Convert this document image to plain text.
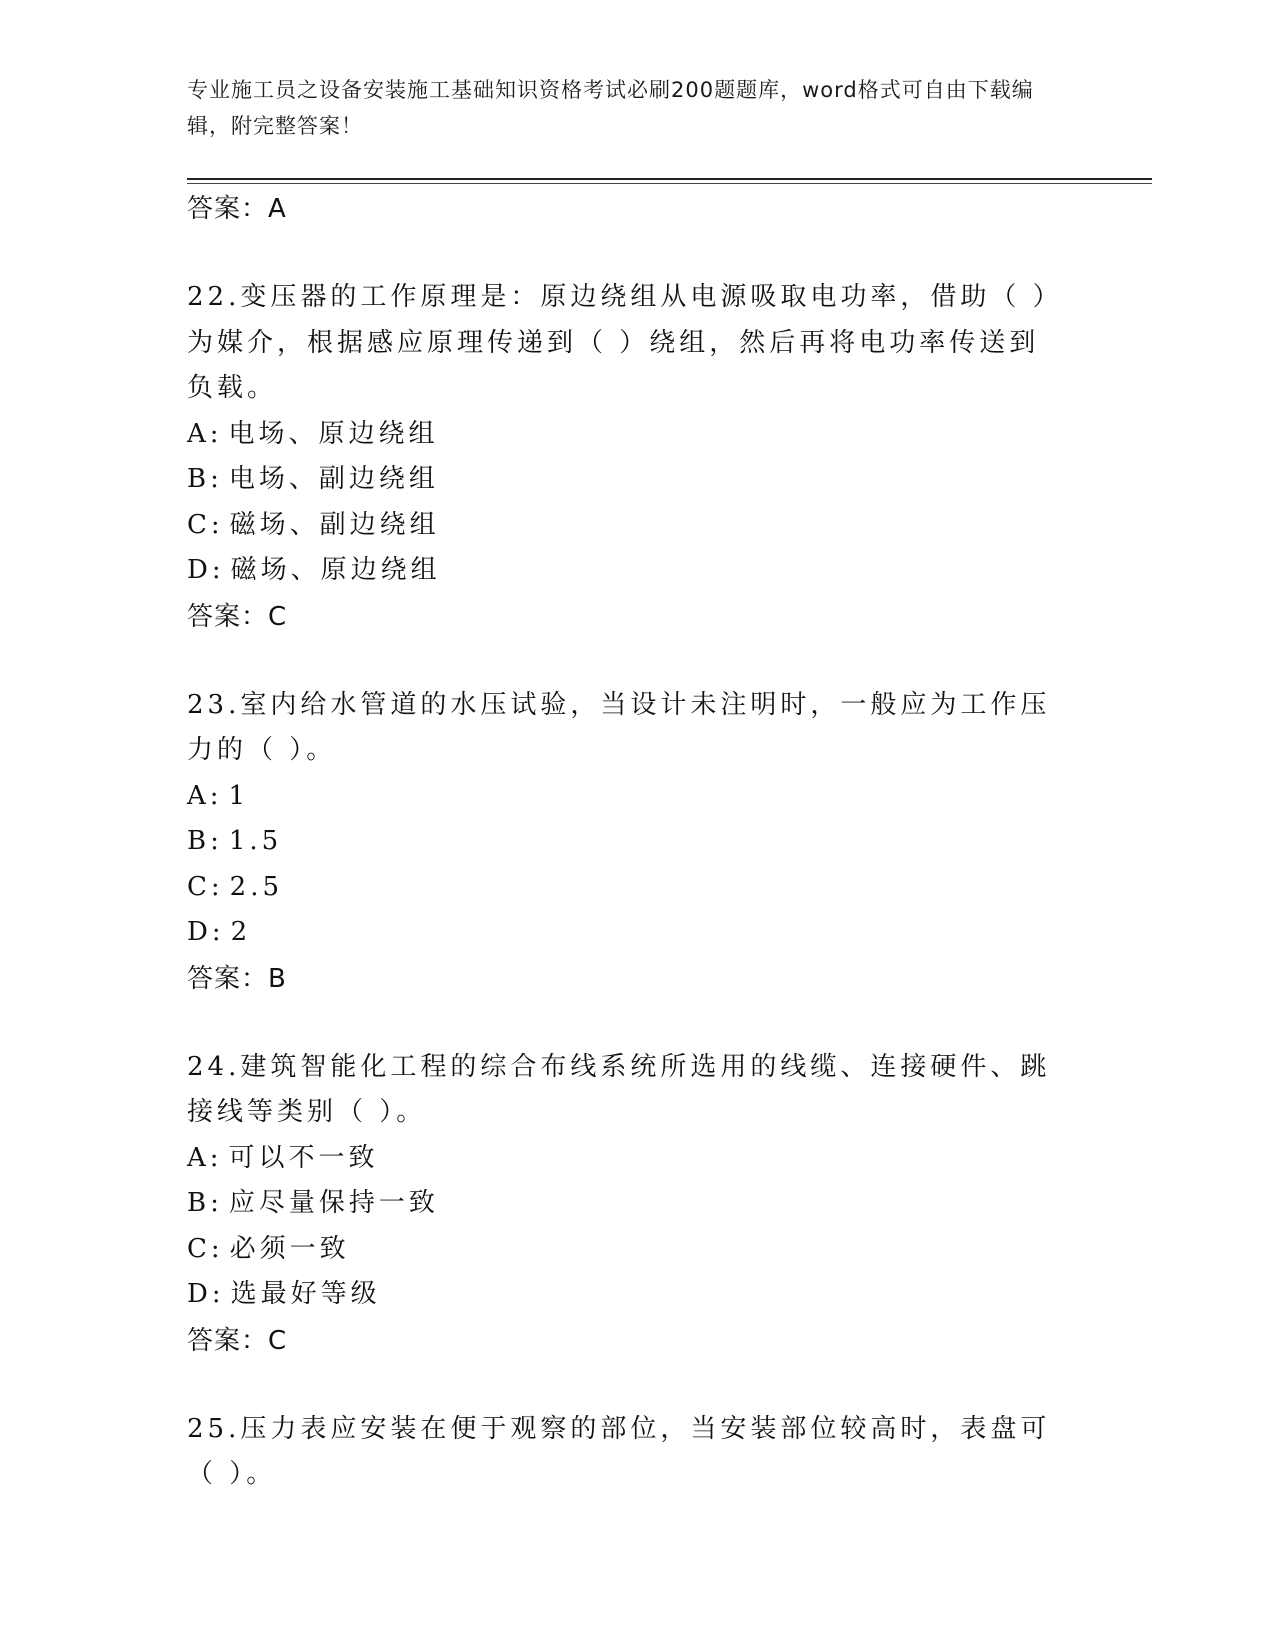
专业施工员之设备安装施工基础知识资格考试必刷200题题库，word格式可自由下载编辑，附完整答案！
答案：A
22.变压器的工作原理是：原边绕组从电源吸取电功率，借助（ ）为媒介，根据感应原理传递到（ ）绕组，然后再将电功率传送到负载。
A: 电场、原边绕组
B: 电场、副边绕组
C: 磁场、副边绕组
D: 磁场、原边绕组
答案：C
23.室内给水管道的水压试验，当设计未注明时，一般应为工作压力的（ ）。
A: 1
B: 1.5
C: 2.5
D: 2
答案：B
24.建筑智能化工程的综合布线系统所选用的线缆、连接硬件、跳接线等类别（ ）。
A: 可以不一致
B: 应尽量保持一致
C: 必须一致
D: 选最好等级
答案：C
25.压力表应安装在便于观察的部位，当安装部位较高时，表盘可（ ）。
